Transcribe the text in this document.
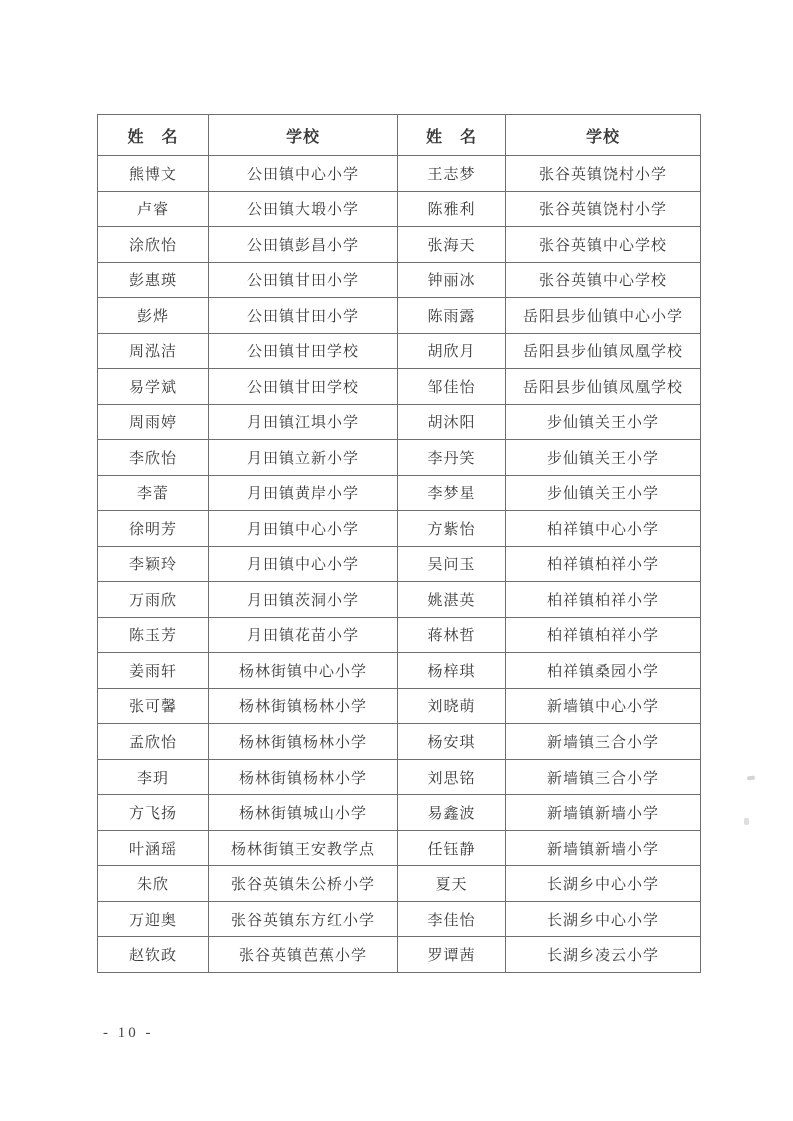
姓　名	学校	姓　名	学校
熊博文	公田镇中心小学	王志梦	张谷英镇饶村小学
卢睿	公田镇大塅小学	陈雅利	张谷英镇饶村小学
涂欣怡	公田镇彭昌小学	张海天	张谷英镇中心学校
彭惠瑛	公田镇甘田小学	钟丽冰	张谷英镇中心学校
彭烨	公田镇甘田小学	陈雨露	岳阳县步仙镇中心小学
周泓洁	公田镇甘田学校	胡欣月	岳阳县步仙镇凤凰学校
易学斌	公田镇甘田学校	邹佳怡	岳阳县步仙镇凤凰学校
周雨婷	月田镇江埧小学	胡沐阳	步仙镇关王小学
李欣怡	月田镇立新小学	李丹笑	步仙镇关王小学
李蕾	月田镇黄岸小学	李梦星	步仙镇关王小学
徐明芳	月田镇中心小学	方紫怡	柏祥镇中心小学
李颖玲	月田镇中心小学	吴问玉	柏祥镇柏祥小学
万雨欣	月田镇茨洞小学	姚湛英	柏祥镇柏祥小学
陈玉芳	月田镇花苗小学	蒋林哲	柏祥镇柏祥小学
姜雨轩	杨林街镇中心小学	杨梓琪	柏祥镇桑园小学
张可馨	杨林街镇杨林小学	刘晓萌	新墙镇中心小学
孟欣怡	杨林街镇杨林小学	杨安琪	新墙镇三合小学
李玥	杨林街镇杨林小学	刘思铭	新墙镇三合小学
方飞扬	杨林街镇城山小学	易鑫波	新墙镇新墙小学
叶涵瑶	杨林街镇王安教学点	任钰静	新墙镇新墙小学
朱欣	张谷英镇朱公桥小学	夏天	长湖乡中心小学
万迎奥	张谷英镇东方红小学	李佳怡	长湖乡中心小学
赵钦政	张谷英镇芭蕉小学	罗谭茜	长湖乡凌云小学
- 10 -
